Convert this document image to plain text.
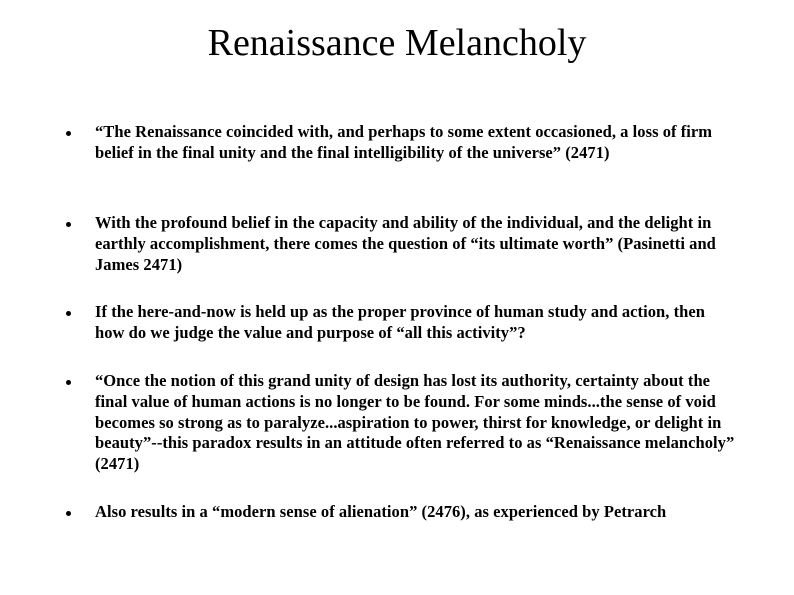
Renaissance Melancholy
“The Renaissance coincided with, and perhaps to some extent occasioned, a loss of firm belief in the final unity and the final intelligibility of the universe” (2471)
With the profound belief in the capacity and ability of the individual, and the delight in earthly accomplishment, there comes the question of “its ultimate worth” (Pasinetti and James 2471)
If the here-and-now is held up as the proper province of human study and action, then how do we judge the value and purpose of “all this activity”?
“Once the notion of this grand unity of design has lost its authority, certainty about the final value of human actions is no longer to be found. For some minds...the sense of void becomes so strong as to paralyze...aspiration to power, thirst for knowledge, or delight in beauty”--this paradox results in an attitude often referred to as “Renaissance melancholy” (2471)
Also results in a “modern sense of alienation” (2476), as experienced by Petrarch
